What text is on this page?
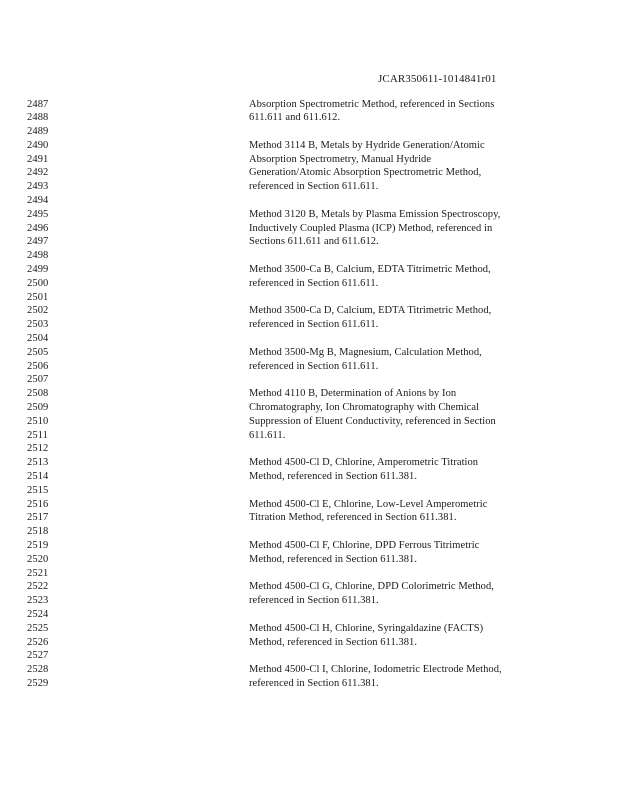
JCAR350611-1014841r01
2487
2488
2489
2490
2491
2492
2493
2494
2495
2496
2497
2498
2499
2500
2501
2502
2503
2504
2505
2506
2507
2508
2509
2510
2511
2512
2513
2514
2515
2516
2517
2518
2519
2520
2521
2522
2523
2524
2525
2526
2527
2528
2529
Absorption Spectrometric Method, referenced in Sections
611.611 and 611.612.
Method 3114 B, Metals by Hydride Generation/Atomic
Absorption Spectrometry, Manual Hydride
Generation/Atomic Absorption Spectrometric Method,
referenced in Section 611.611.
Method 3120 B, Metals by Plasma Emission Spectroscopy,
Inductively Coupled Plasma (ICP) Method, referenced in
Sections 611.611 and 611.612.
Method 3500-Ca B, Calcium, EDTA Titrimetric Method,
referenced in Section 611.611.
Method 3500-Ca D, Calcium, EDTA Titrimetric Method,
referenced in Section 611.611.
Method 3500-Mg B, Magnesium, Calculation Method,
referenced in Section 611.611.
Method 4110 B, Determination of Anions by Ion
Chromatography, Ion Chromatography with Chemical
Suppression of Eluent Conductivity, referenced in Section
611.611.
Method 4500-Cl D, Chlorine, Amperometric Titration
Method, referenced in Section 611.381.
Method 4500-Cl E, Chlorine, Low-Level Amperometric
Titration Method, referenced in Section 611.381.
Method 4500-Cl F, Chlorine, DPD Ferrous Titrimetric
Method, referenced in Section 611.381.
Method 4500-Cl G, Chlorine, DPD Colorimetric Method,
referenced in Section 611.381.
Method 4500-Cl H, Chlorine, Syringaldazine (FACTS)
Method, referenced in Section 611.381.
Method 4500-Cl I, Chlorine, Iodometric Electrode Method,
referenced in Section 611.381.
